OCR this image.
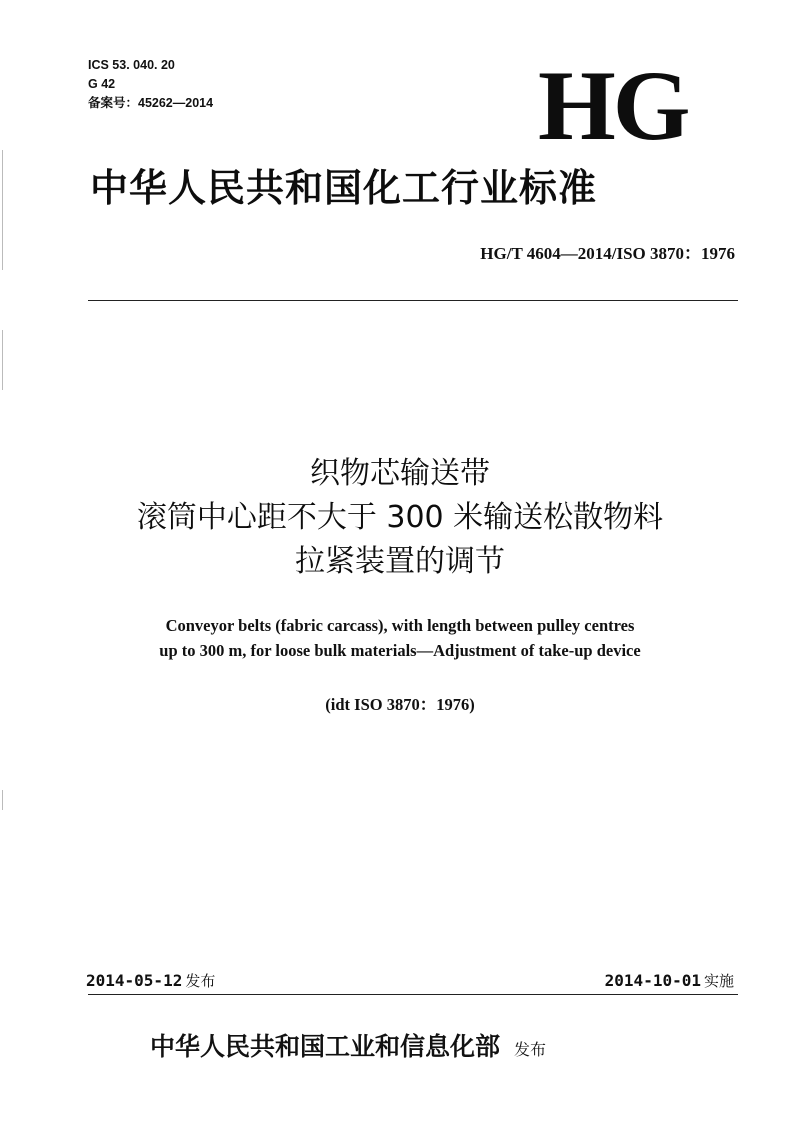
ICS 53. 040. 20
G 42
备案号：45262—2014	HG
中华人民共和国化工行业标准
HG/T 4604—2014/ISO 3870：1976
织物芯输送带
滚筒中心距不大于 300 米输送松散物料
拉紧装置的调节
Conveyor belts (fabric carcass), with length between pulley centres
up to 300 m, for loose bulk materials—Adjustment of take-up device
(idt ISO 3870：1976)
2014-05-12 发布	2014-10-01 实施
中华人民共和国工业和信息化部 发布
